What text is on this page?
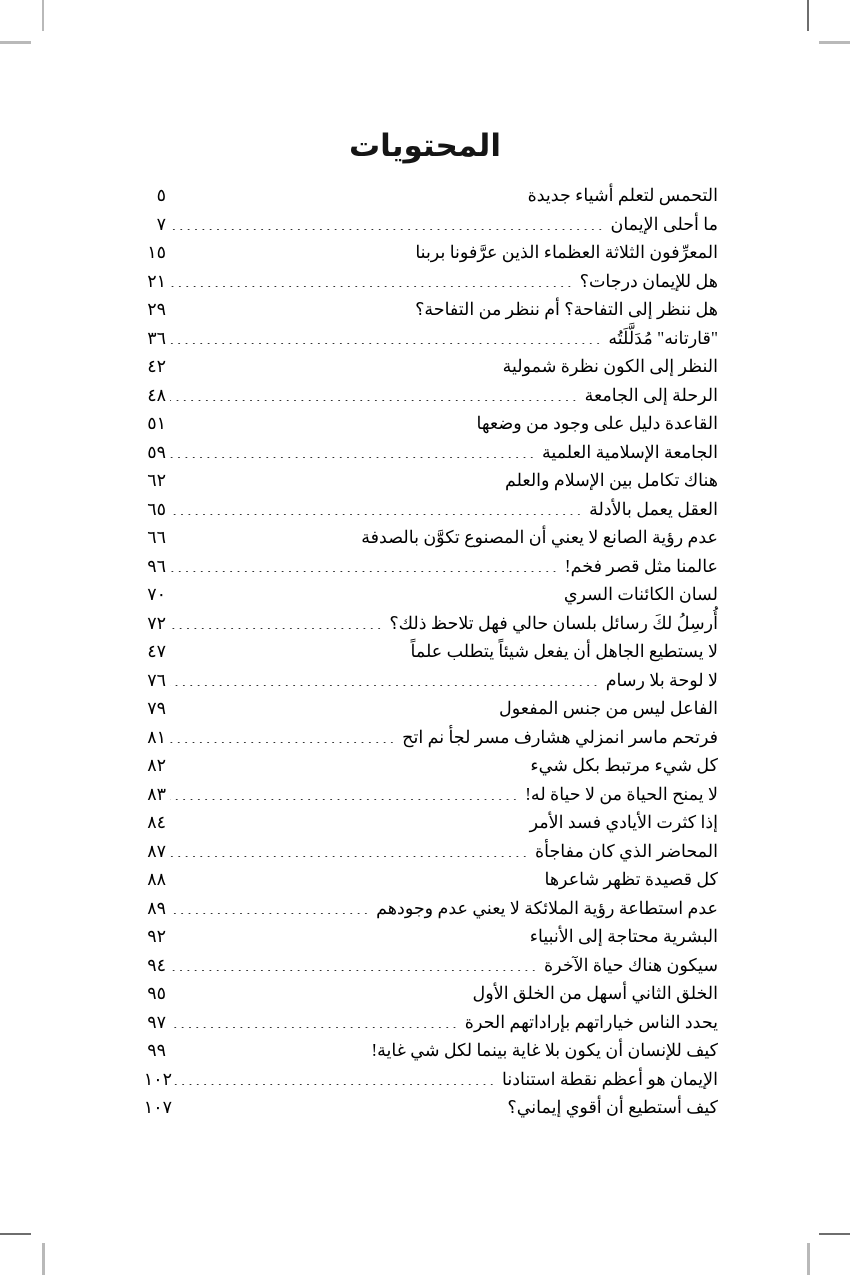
المحتويات
التحمس لتعلم أشياء جديدة
.....
٥
ما أحلى الإيمان
.....
٧
المعرِّفون الثلاثة العظماء الذين عرَّفونا بربنا
.....
١٥
هل للإيمان درجات؟
.....
٢١
هل ننظر إلى التفاحة؟ أم ننظر من التفاحة؟
.....
٢٩
"قارتانه" مُدَلَّلَتُه
.....
٣٦
النظر إلى الكون نظرة شمولية
.....
٤٢
الرحلة إلى الجامعة
.....
٤٨
القاعدة دليل على وجود من وضعها
.....
٥١
الجامعة الإسلامية العلمية
.....
٥٩
هناك تكامل بين الإسلام والعلم
.....
٦٢
العقل يعمل بالأدلة
.....
٦٥
عدم رؤية الصانع لا يعني أن المصنوع تكوَّن بالصدفة
.....
٦٦
عالمنا مثل قصر فخم!
.....
٩٦
لسان الكائنات السري
.....
٧٠
أُرسِلُ لكَ رسائل بلسان حالي فهل تلاحظ ذلك؟
.....
٧٢
لا يستطيع الجاهل أن يفعل شيئاً يتطلب علماً
.....
٤٧
لا لوحة بلا رسام
.....
٧٦
الفاعل ليس من جنس المفعول
.....
٧٩
فرتحم ماسر انمزلي هشارف مسر لجأ نم اتح
.....
٨١
كل شيء مرتبط بكل شيء
.....
٨٢
لا يمنح الحياة من لا حياة له!
.....
٨٣
إذا كثرت الأيادي فسد الأمر
.....
٨٤
المحاضر الذي كان مفاجأة
.....
٨٧
كل قصيدة تظهر شاعرها
.....
٨٨
عدم استطاعة رؤية الملائكة لا يعني عدم وجودهم
.....
٨٩
البشرية محتاجة إلى الأنبياء
.....
٩٢
سيكون هناك حياة الآخرة
.....
٩٤
الخلق الثاني أسهل من الخلق الأول
.....
٩٥
يحدد الناس خياراتهم بإراداتهم الحرة
.....
٩٧
كيف للإنسان أن يكون بلا غاية بينما لكل شي غاية!
.....
٩٩
الإيمان هو أعظم نقطة استنادنا
.....
١٠٢
كيف أستطيع أن أقوي إيماني؟
.....
١٠٧
